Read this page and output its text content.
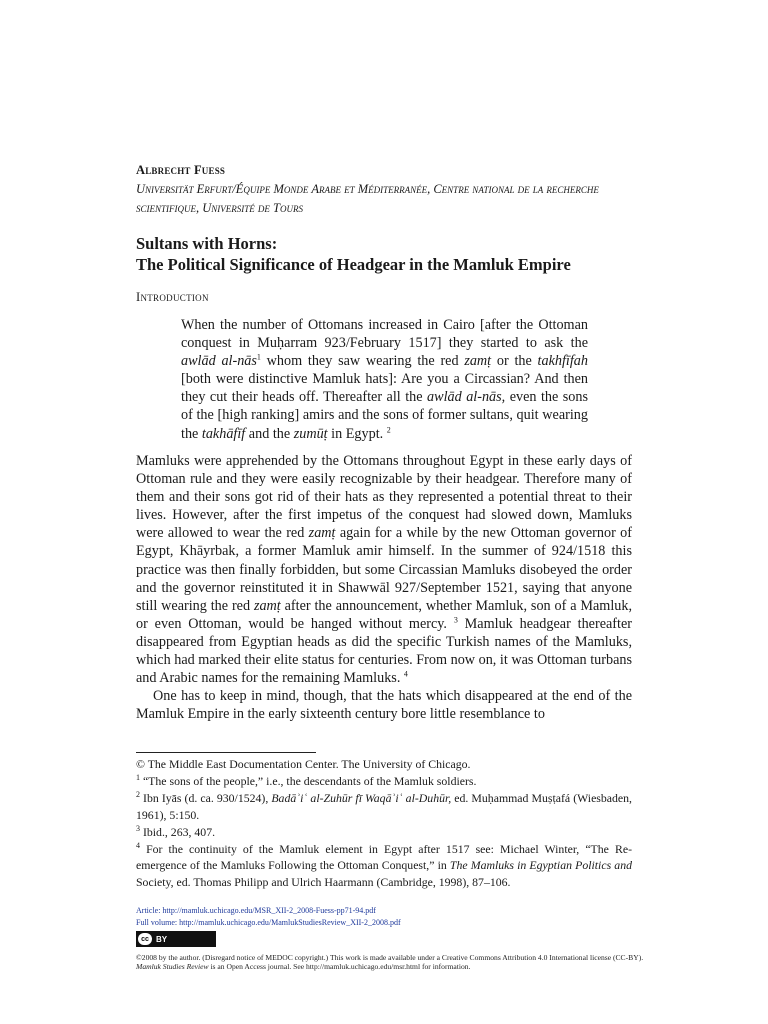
Albrecht Fuess
Universität Erfurt/Équipe Monde Arabe et Méditerranée, Centre national de la recherche scientifique, Université de Tours
Sultans with Horns:
The Political Significance of Headgear in the Mamluk Empire
Introduction
When the number of Ottomans increased in Cairo [after the Ottoman conquest in Muḥarram 923/February 1517] they started to ask the awlād al-nās$^1$ whom they saw wearing the red zamṭ or the takhfīfah [both were distinctive Mamluk hats]: Are you a Circassian? And then they cut their heads off. Thereafter all the awlād al-nās, even the sons of the [high ranking] amirs and the sons of former sultans, quit wearing the takhāfīf and the zumūṭ in Egypt. $^2$

Mamluks were apprehended by the Ottomans throughout Egypt in these early days of Ottoman rule and they were easily recognizable by their headgear. Therefore many of them and their sons got rid of their hats as they represented a potential threat to their lives. However, after the first impetus of the conquest had slowed down, Mamluks were allowed to wear the red zamṭ again for a while by the new Ottoman governor of Egypt, Khāyrbak, a former Mamluk amir himself. In the summer of 924/1518 this practice was then finally forbidden, but some Circassian Mamluks disobeyed the order and the governor reinstituted it in Shawwāl 927/September 1521, saying that anyone still wearing the red zamṭ after the announcement, whether Mamluk, son of a Mamluk, or even Ottoman, would be hanged without mercy. $^3$ Mamluk headgear thereafter disappeared from Egyptian heads as did the specific Turkish names of the Mamluks, which had marked their elite status for centuries. From now on, it was Ottoman turbans and Arabic names for the remaining Mamluks. $^4$

One has to keep in mind, though, that the hats which disappeared at the end of the Mamluk Empire in the early sixteenth century bore little resemblance to

© The Middle East Documentation Center. The University of Chicago.

$^1$ “The sons of the people,” i.e., the descendants of the Mamluk soldiers.

$^2$ Ibn Iyās (d. ca. 930/1524), Badāʾiʿ al-Zuhūr fī Waqāʾiʿ al-Duhūr, ed. Muḥammad Muṣṭafá (Wiesbaden, 1961), 5:150.

$^3$ Ibid., 263, 407.

$^4$ For the continuity of the Mamluk element in Egypt after 1517 see: Michael Winter, “The Re-emergence of the Mamluks Following the Ottoman Conquest,” in The Mamluks in Egyptian Politics and Society, ed. Thomas Philipp and Ulrich Haarmann (Cambridge, 1998), 87–106.

Article: http://mamluk.uchicago.edu/MSR_XII-2_2008-Fuess-pp71-94.pdf
Full volume: http://mamluk.uchicago.edu/MamlukStudiesReview_XII-2_2008.pdf
cc BY
©2008 by the author. (Disregard notice of MEDOC copyright.) This work is made available under a Creative Commons Attribution 4.0 International license (CC-BY). Mamluk Studies Review is an Open Access journal. See http://mamluk.uchicago.edu/msr.html for information.
